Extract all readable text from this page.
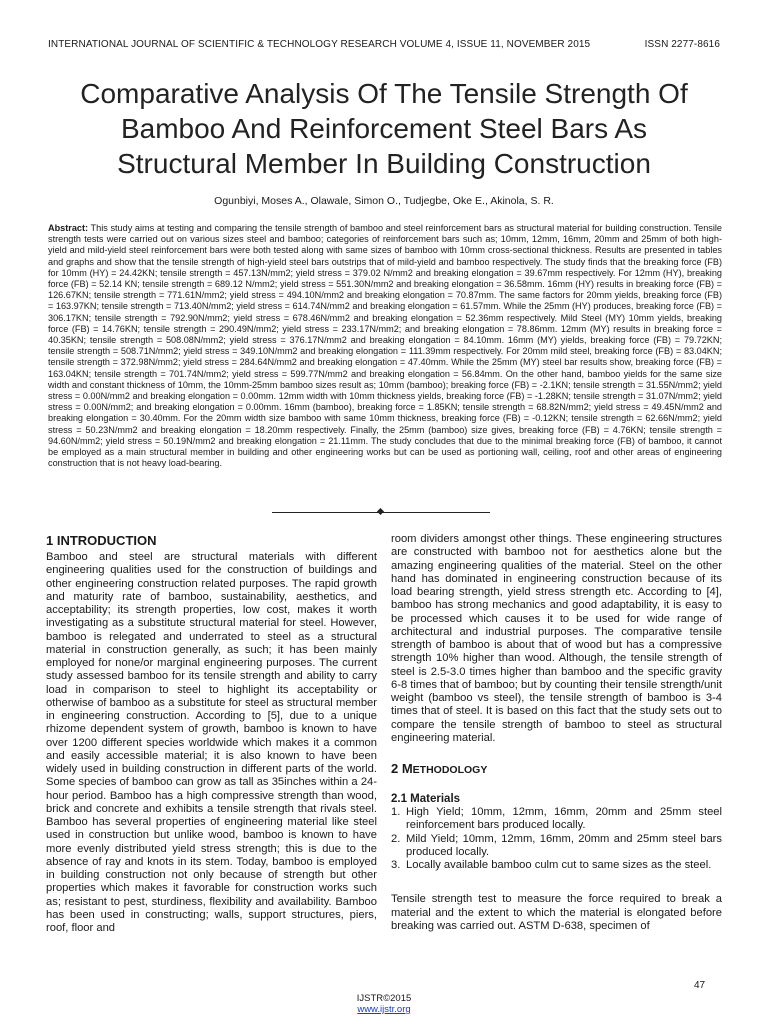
INTERNATIONAL JOURNAL OF SCIENTIFIC & TECHNOLOGY RESEARCH VOLUME 4, ISSUE 11, NOVEMBER 2015	ISSN 2277-8616
Comparative Analysis Of The Tensile Strength Of
Bamboo And Reinforcement Steel Bars As
Structural Member In Building Construction
Ogunbiyi, Moses A., Olawale, Simon O., Tudjegbe, Oke E., Akinola, S. R.
Abstract: This study aims at testing and comparing the tensile strength of bamboo and steel reinforcement bars as structural material for building construction. Tensile strength tests were carried out on various sizes steel and bamboo; categories of reinforcement bars such as; 10mm, 12mm, 16mm, 20mm and 25mm of both high-yield and mild-yield steel reinforcement bars were both tested along with same sizes of bamboo with 10mm cross-sectional thickness. Results are presented in tables and graphs and show that the tensile strength of high-yield steel bars outstrips that of mild-yield and bamboo respectively. The study finds that the breaking force (FB) for 10mm (HY) = 24.42KN; tensile strength = 457.13N/mm2; yield stress = 379.02 N/mm2 and breaking elongation = 39.67mm respectively. For 12mm (HY), breaking force (FB) = 52.14 KN; tensile strength = 689.12 N/mm2; yield stress = 551.30N/mm2 and breaking elongation = 36.58mm. 16mm (HY) results in breaking force (FB) = 126.67KN; tensile strength = 771.61N/mm2; yield stress = 494.10N/mm2 and breaking elongation = 70.87mm. The same factors for 20mm yields, breaking force (FB) = 163.97KN; tensile strength = 713.40N/mm2; yield stress = 614.74N/mm2 and breaking elongation = 61.57mm. While the 25mm (HY) produces, breaking force (FB) = 306.17KN; tensile strength = 792.90N/mm2; yield stress = 678.46N/mm2 and breaking elongation = 52.36mm respectively. Mild Steel (MY) 10mm yields, breaking force (FB) = 14.76KN; tensile strength = 290.49N/mm2; yield stress = 233.17N/mm2; and breaking elongation = 78.86mm. 12mm (MY) results in breaking force = 40.35KN; tensile strength = 508.08N/mm2; yield stress = 376.17N/mm2 and breaking elongation = 84.10mm. 16mm (MY) yields, breaking force (FB) = 79.72KN; tensile strength = 508.71N/mm2; yield stress = 349.10N/mm2 and breaking elongation = 111.39mm respectively. For 20mm mild steel, breaking force (FB) = 83.04KN; tensile strength = 372.98N/mm2; yield stress = 284.64N/mm2 and breaking elongation = 47.40mm. While the 25mm (MY) steel bar results show, breaking force (FB) = 163.04KN; tensile strength = 701.74N/mm2; yield stress = 599.77N/mm2 and breaking elongation = 56.84mm. On the other hand, bamboo yields for the same size width and constant thickness of 10mm, the 10mm-25mm bamboo sizes result as; 10mm (bamboo); breaking force (FB) = -2.1KN; tensile strength = 31.55N/mm2; yield stress = 0.00N/mm2 and breaking elongation = 0.00mm. 12mm width with 10mm thickness yields, breaking force (FB) = -1.28KN; tensile strength = 31.07N/mm2; yield stress = 0.00N/mm2; and breaking elongation = 0.00mm. 16mm (bamboo), breaking force = 1.85KN; tensile strength = 68.82N/mm2; yield stress = 49.45N/mm2 and breaking elongation = 30.40mm. For the 20mm width size bamboo with same 10mm thickness, breaking force (FB) = -0.12KN; tensile strength = 62.66N/mm2; yield stress = 50.23N/mm2 and breaking elongation = 18.20mm respectively. Finally, the 25mm (bamboo) size gives, breaking force (FB) = 4.76KN; tensile strength = 94.60N/mm2; yield stress = 50.19N/mm2 and breaking elongation = 21.11mm. The study concludes that due to the minimal breaking force (FB) of bamboo, it cannot be employed as a main structural member in building and other engineering works but can be used as portioning wall, ceiling, roof and other areas of engineering construction that is not heavy load-bearing.
1 INTRODUCTION

Bamboo and steel are structural materials with different engineering qualities used for the construction of buildings and other engineering construction related purposes. The rapid growth and maturity rate of bamboo, sustainability, aesthetics, and acceptability; its strength properties, low cost, makes it worth investigating as a substitute structural material for steel. However, bamboo is relegated and underrated to steel as a structural material in construction generally, as such; it has been mainly employed for none/or marginal engineering purposes. The current study assessed bamboo for its tensile strength and ability to carry load in comparison to steel to highlight its acceptability or otherwise of bamboo as a substitute for steel as structural member in engineering construction. According to [5], due to a unique rhizome dependent system of growth, bamboo is known to have over 1200 different species worldwide which makes it a common and easily accessible material; it is also known to have been widely used in building construction in different parts of the world. Some species of bamboo can grow as tall as 35inches within a 24-hour period. Bamboo has a high compressive strength than wood, brick and concrete and exhibits a tensile strength that rivals steel. Bamboo has several properties of engineering material like steel used in construction but unlike wood, bamboo is known to have more evenly distributed yield stress strength; this is due to the absence of ray and knots in its stem. Today, bamboo is employed in building construction not only because of strength but other properties which makes it favorable for construction works such as; resistant to pest, sturdiness, flexibility and availability. Bamboo has been used in constructing; walls, support structures, piers, roof, floor and

room dividers amongst other things. These engineering structures are constructed with bamboo not for aesthetics alone but the amazing engineering qualities of the material. Steel on the other hand has dominated in engineering construction because of its load bearing strength, yield stress strength etc. According to [4], bamboo has strong mechanics and good adaptability, it is easy to be processed which causes it to be used for wide range of architectural and industrial purposes. The comparative tensile strength of bamboo is about that of wood but has a compressive strength 10% higher than wood. Although, the tensile strength of steel is 2.5-3.0 times higher than bamboo and the specific gravity 6-8 times that of bamboo; but by counting their tensile strength/unit weight (bamboo vs steel), the tensile strength of bamboo is 3-4 times that of steel. It is based on this fact that the study sets out to compare the tensile strength of bamboo to steel as structural engineering material.

2 METHODOLOGY
2.1 Materials
1. High Yield; 10mm, 12mm, 16mm, 20mm and 25mm steel reinforcement bars produced locally.
2. Mild Yield; 10mm, 12mm, 16mm, 20mm and 25mm steel bars produced locally.
3. Locally available bamboo culm cut to same sizes as the steel.

Tensile strength test to measure the force required to break a material and the extent to which the material is elongated before breaking was carried out. ASTM D-638, specimen of

47
IJSTR©2015
www.ijstr.org
